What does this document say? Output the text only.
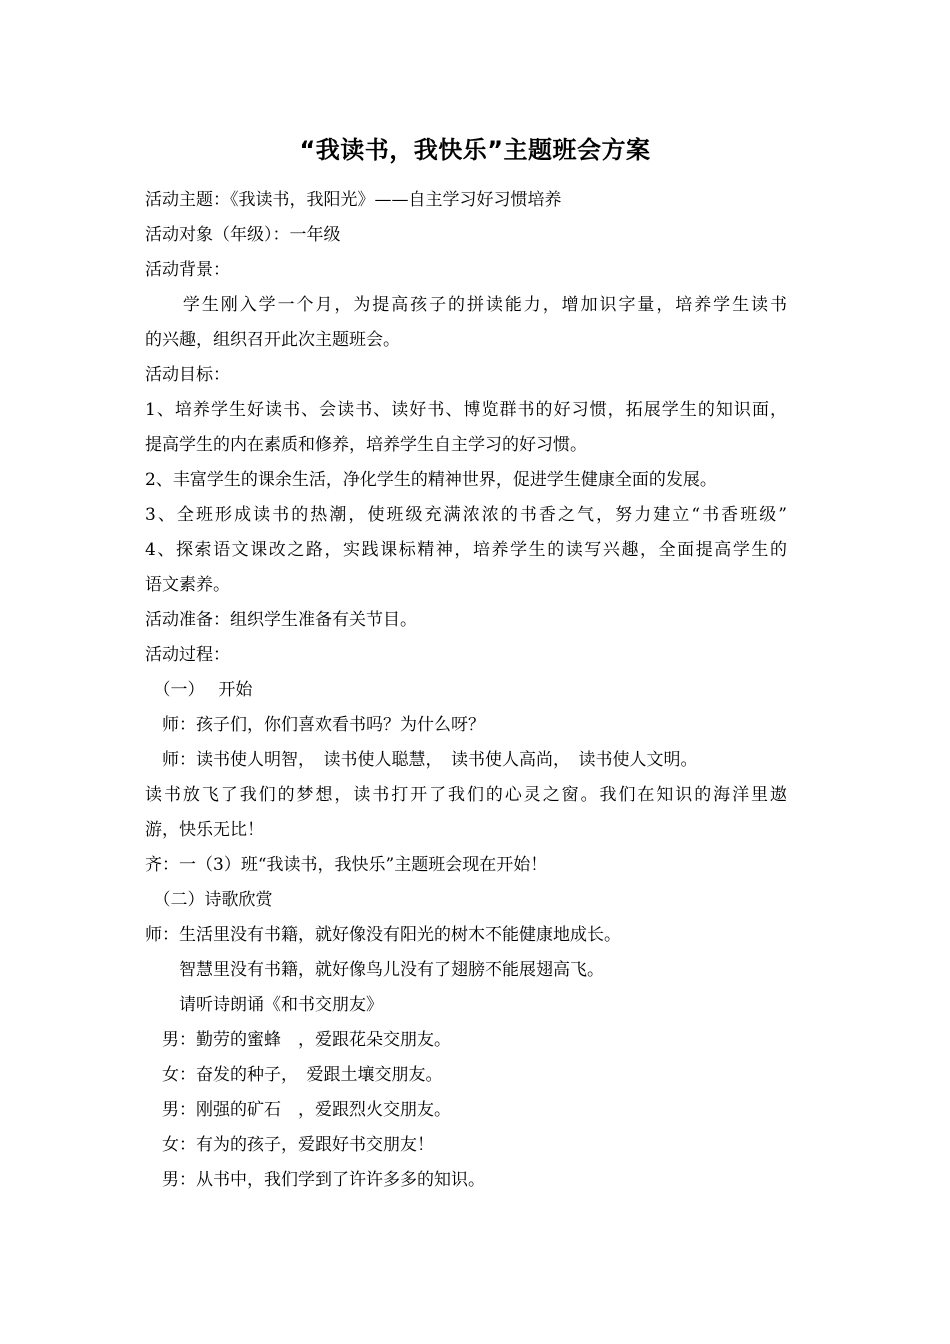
“我读书，我快乐”主题班会方案
活动主题：《我读书，我阳光》——自主学习好习惯培养
活动对象（年级）：一年级
活动背景：
　　学生刚入学一个月，为提高孩子的拼读能力，增加识字量，培养学生读书
的兴趣，组织召开此次主题班会。
活动目标：
1、培养学生好读书、会读书、读好书、博览群书的好习惯，拓展学生的知识面，
提高学生的内在素质和修养，培养学生自主学习的好习惯。
2、丰富学生的课余生活，净化学生的精神世界，促进学生健康全面的发展。
3、全班形成读书的热潮，使班级充满浓浓的书香之气，努力建立“书香班级”
4、探索语文课改之路，实践课标精神，培养学生的读写兴趣，全面提高学生的
语文素养。
活动准备：组织学生准备有关节目。
活动过程：
　（一）　 开始
　师：孩子们，你们喜欢看书吗？为什么呀？
　师：读书使人明智，　读书使人聪慧，　读书使人高尚，　读书使人文明。
读书放飞了我们的梦想，读书打开了我们的心灵之窗。我们在知识的海洋里遨
游，快乐无比！
齐：一（3）班“我读书，我快乐”主题班会现在开始！
　（二）诗歌欣赏
师：生活里没有书籍，就好像没有阳光的树木不能健康地成长。
　　智慧里没有书籍，就好像鸟儿没有了翅膀不能展翅高飞。
　　请听诗朗诵《和书交朋友》
　男：勤劳的蜜蜂　，爱跟花朵交朋友。
　女：奋发的种子，　爱跟土壤交朋友。
　男：刚强的矿石　，爱跟烈火交朋友。
　女：有为的孩子，爱跟好书交朋友！
　男：从书中，我们学到了许许多多的知识。
